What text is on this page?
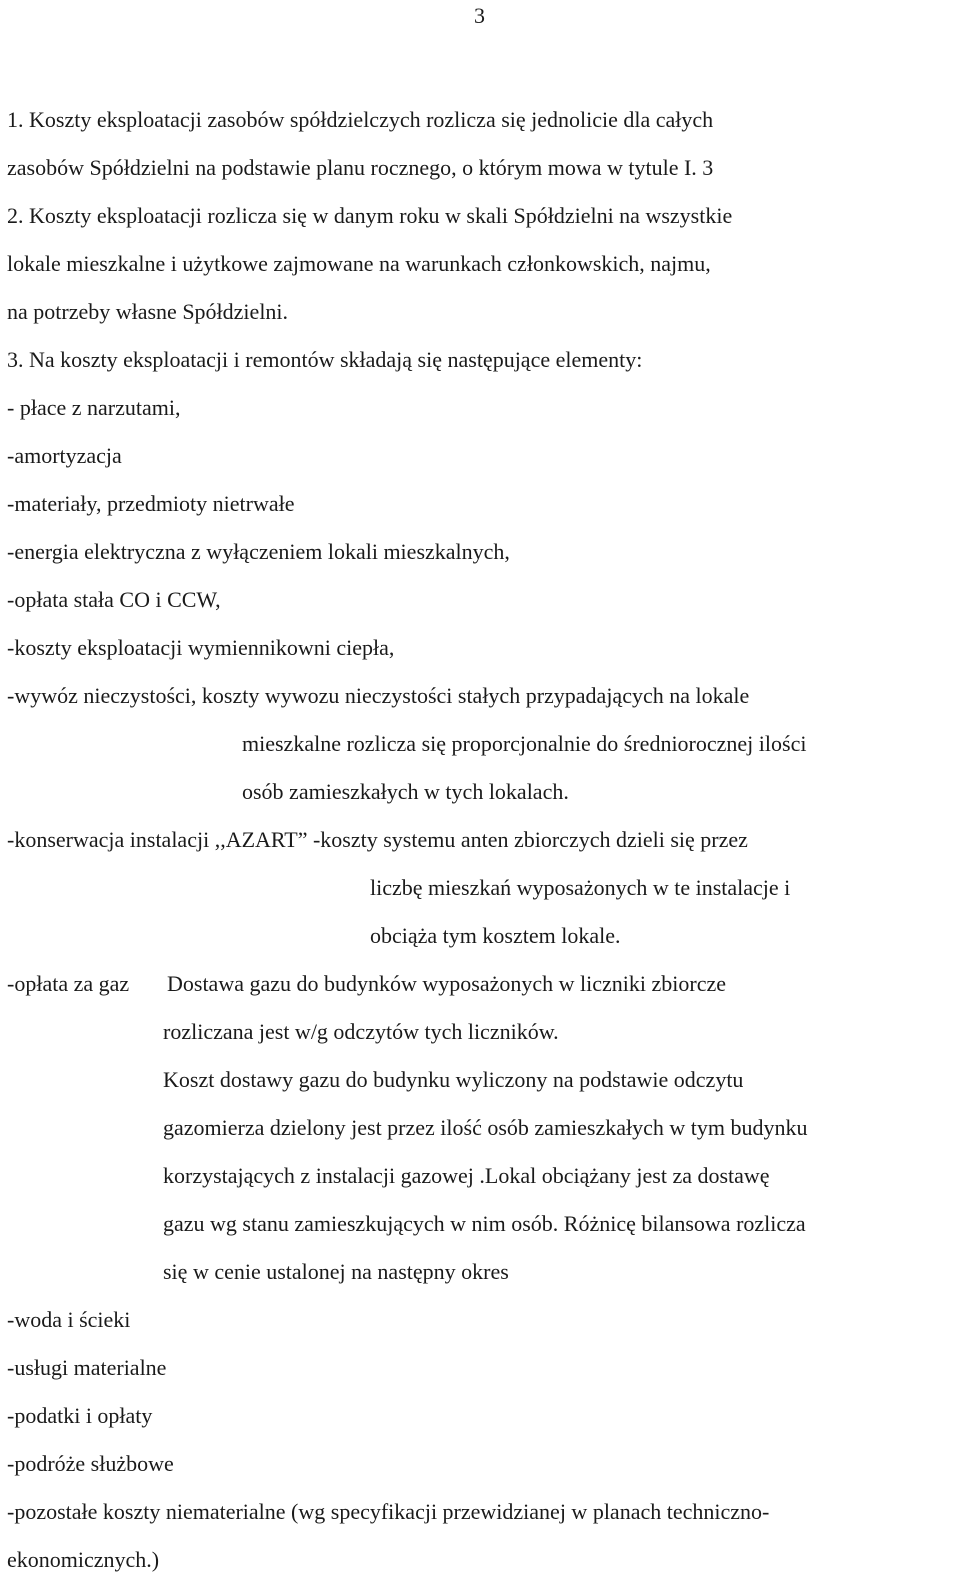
3

1. Koszty eksploatacji zasobów spółdzielczych rozlicza się jednolicie dla całych

zasobów Spółdzielni na podstawie planu rocznego, o którym mowa w tytule I. 3

2. Koszty eksploatacji rozlicza się w danym roku w skali Spółdzielni na wszystkie

lokale mieszkalne i użytkowe zajmowane na warunkach członkowskich, najmu,

na potrzeby własne Spółdzielni.

3. Na koszty eksploatacji i remontów składają się następujące elementy:

- płace z narzutami,

-amortyzacja

-materiały, przedmioty nietrwałe

-energia elektryczna z wyłączeniem lokali mieszkalnych,

-opłata stała CO i CCW,

-koszty eksploatacji wymiennikowni ciepła,

-wywóz nieczystości, koszty wywozu nieczystości stałych przypadających na lokale

mieszkalne rozlicza się proporcjonalnie do średniorocznej ilości

osób zamieszkałych w tych lokalach.

-konserwacja instalacji ,,AZART” -koszty systemu anten zbiorczych dzieli się przez

liczbę mieszkań wyposażonych w te instalacje i

obciąża tym kosztem lokale.

-opłata za gaz Dostawa gazu do budynków wyposażonych w liczniki zbiorcze

rozliczana jest w/g odczytów tych liczników.

Koszt dostawy gazu do budynku wyliczony na podstawie odczytu

gazomierza dzielony jest przez ilość osób zamieszkałych w tym budynku

korzystających z instalacji gazowej .Lokal obciążany jest za dostawę

gazu wg stanu zamieszkujących w nim osób. Różnicę bilansowa rozlicza

się w cenie ustalonej na następny okres

-woda i ścieki

-usługi materialne

-podatki i opłaty

-podróże służbowe

-pozostałe koszty niematerialne (wg specyfikacji przewidzianej w planach techniczno-

ekonomicznych.)
